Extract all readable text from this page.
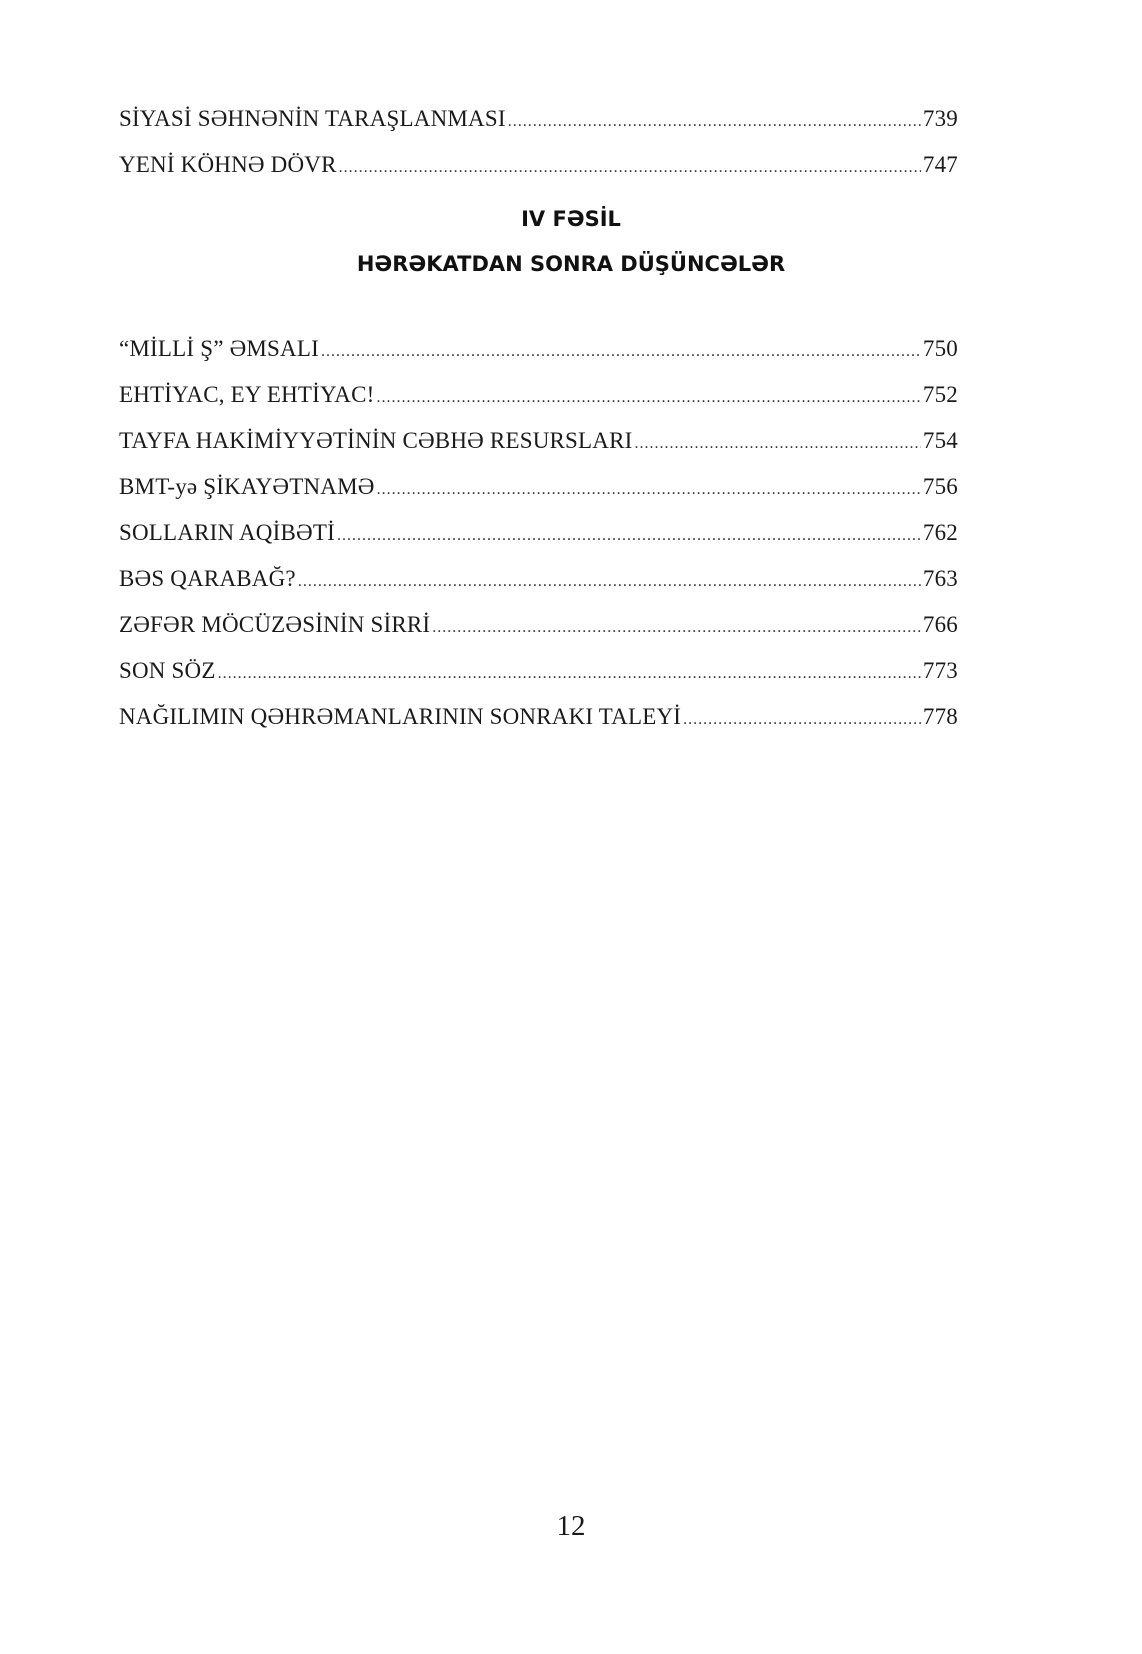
SİYASİ SƏHNƏNİN TARAŞLANMASI .....	739
YENİ KÖHNƏ DÖVR .....	747
IV FƏSİL
HƏRƏKATDAN SONRA DÜŞÜNCƏLƏR
“MİLLİ Ş” ƏMSALI .....	750
EHTİYAC, EY EHTİYAC! .....	752
TAYFA HAKİMİYYƏTİNİN CƏBHƏ RESURSLARI .....	754
BMT-yə ŞİKAYƏTNAMƏ .....	756
SOLLARIN AQİBƏTİ .....	762
BƏS QARABAĞ? .....	763
ZƏFƏR MÖCÜZƏSİNİN SİRRİ .....	766
SON SÖZ .....	773
NAĞILIMIN QƏHRƏMANLARININ SONRAKI TALEYİ .....	778
12
